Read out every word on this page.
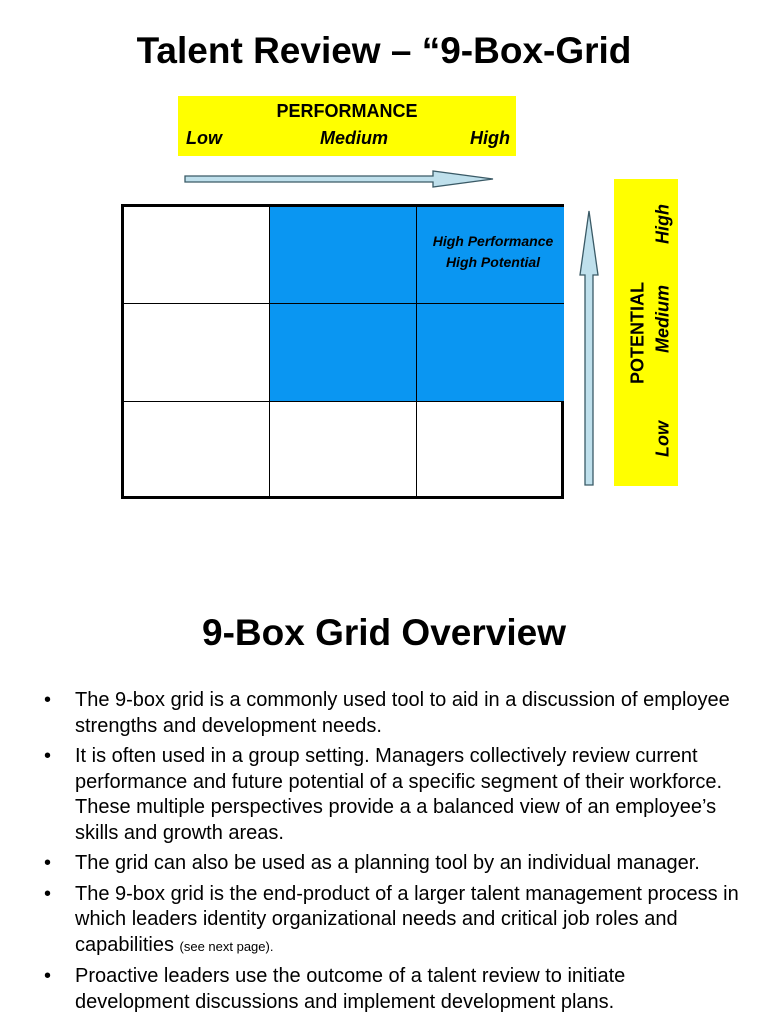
Talent Review – “9-Box-Grid
PERFORMANCE
Low	Medium	High
High Performance
High Potential
POTENTIAL
High
Medium
Low
9-Box Grid Overview
• The 9-box grid is a commonly used tool to aid in a discussion of employee strengths and development needs.
• It is often used in a group setting. Managers collectively review current performance and future potential of a specific segment of their workforce. These multiple perspectives provide a a balanced view of an employee’s skills and growth areas.
• The grid can also be used as a planning tool by an individual manager.
• The 9-box grid is the end-product of a larger talent management process in which leaders identity organizational needs and critical job roles and capabilities (see next page).
• Proactive leaders use the outcome of a talent review to initiate development discussions and implement development plans.
